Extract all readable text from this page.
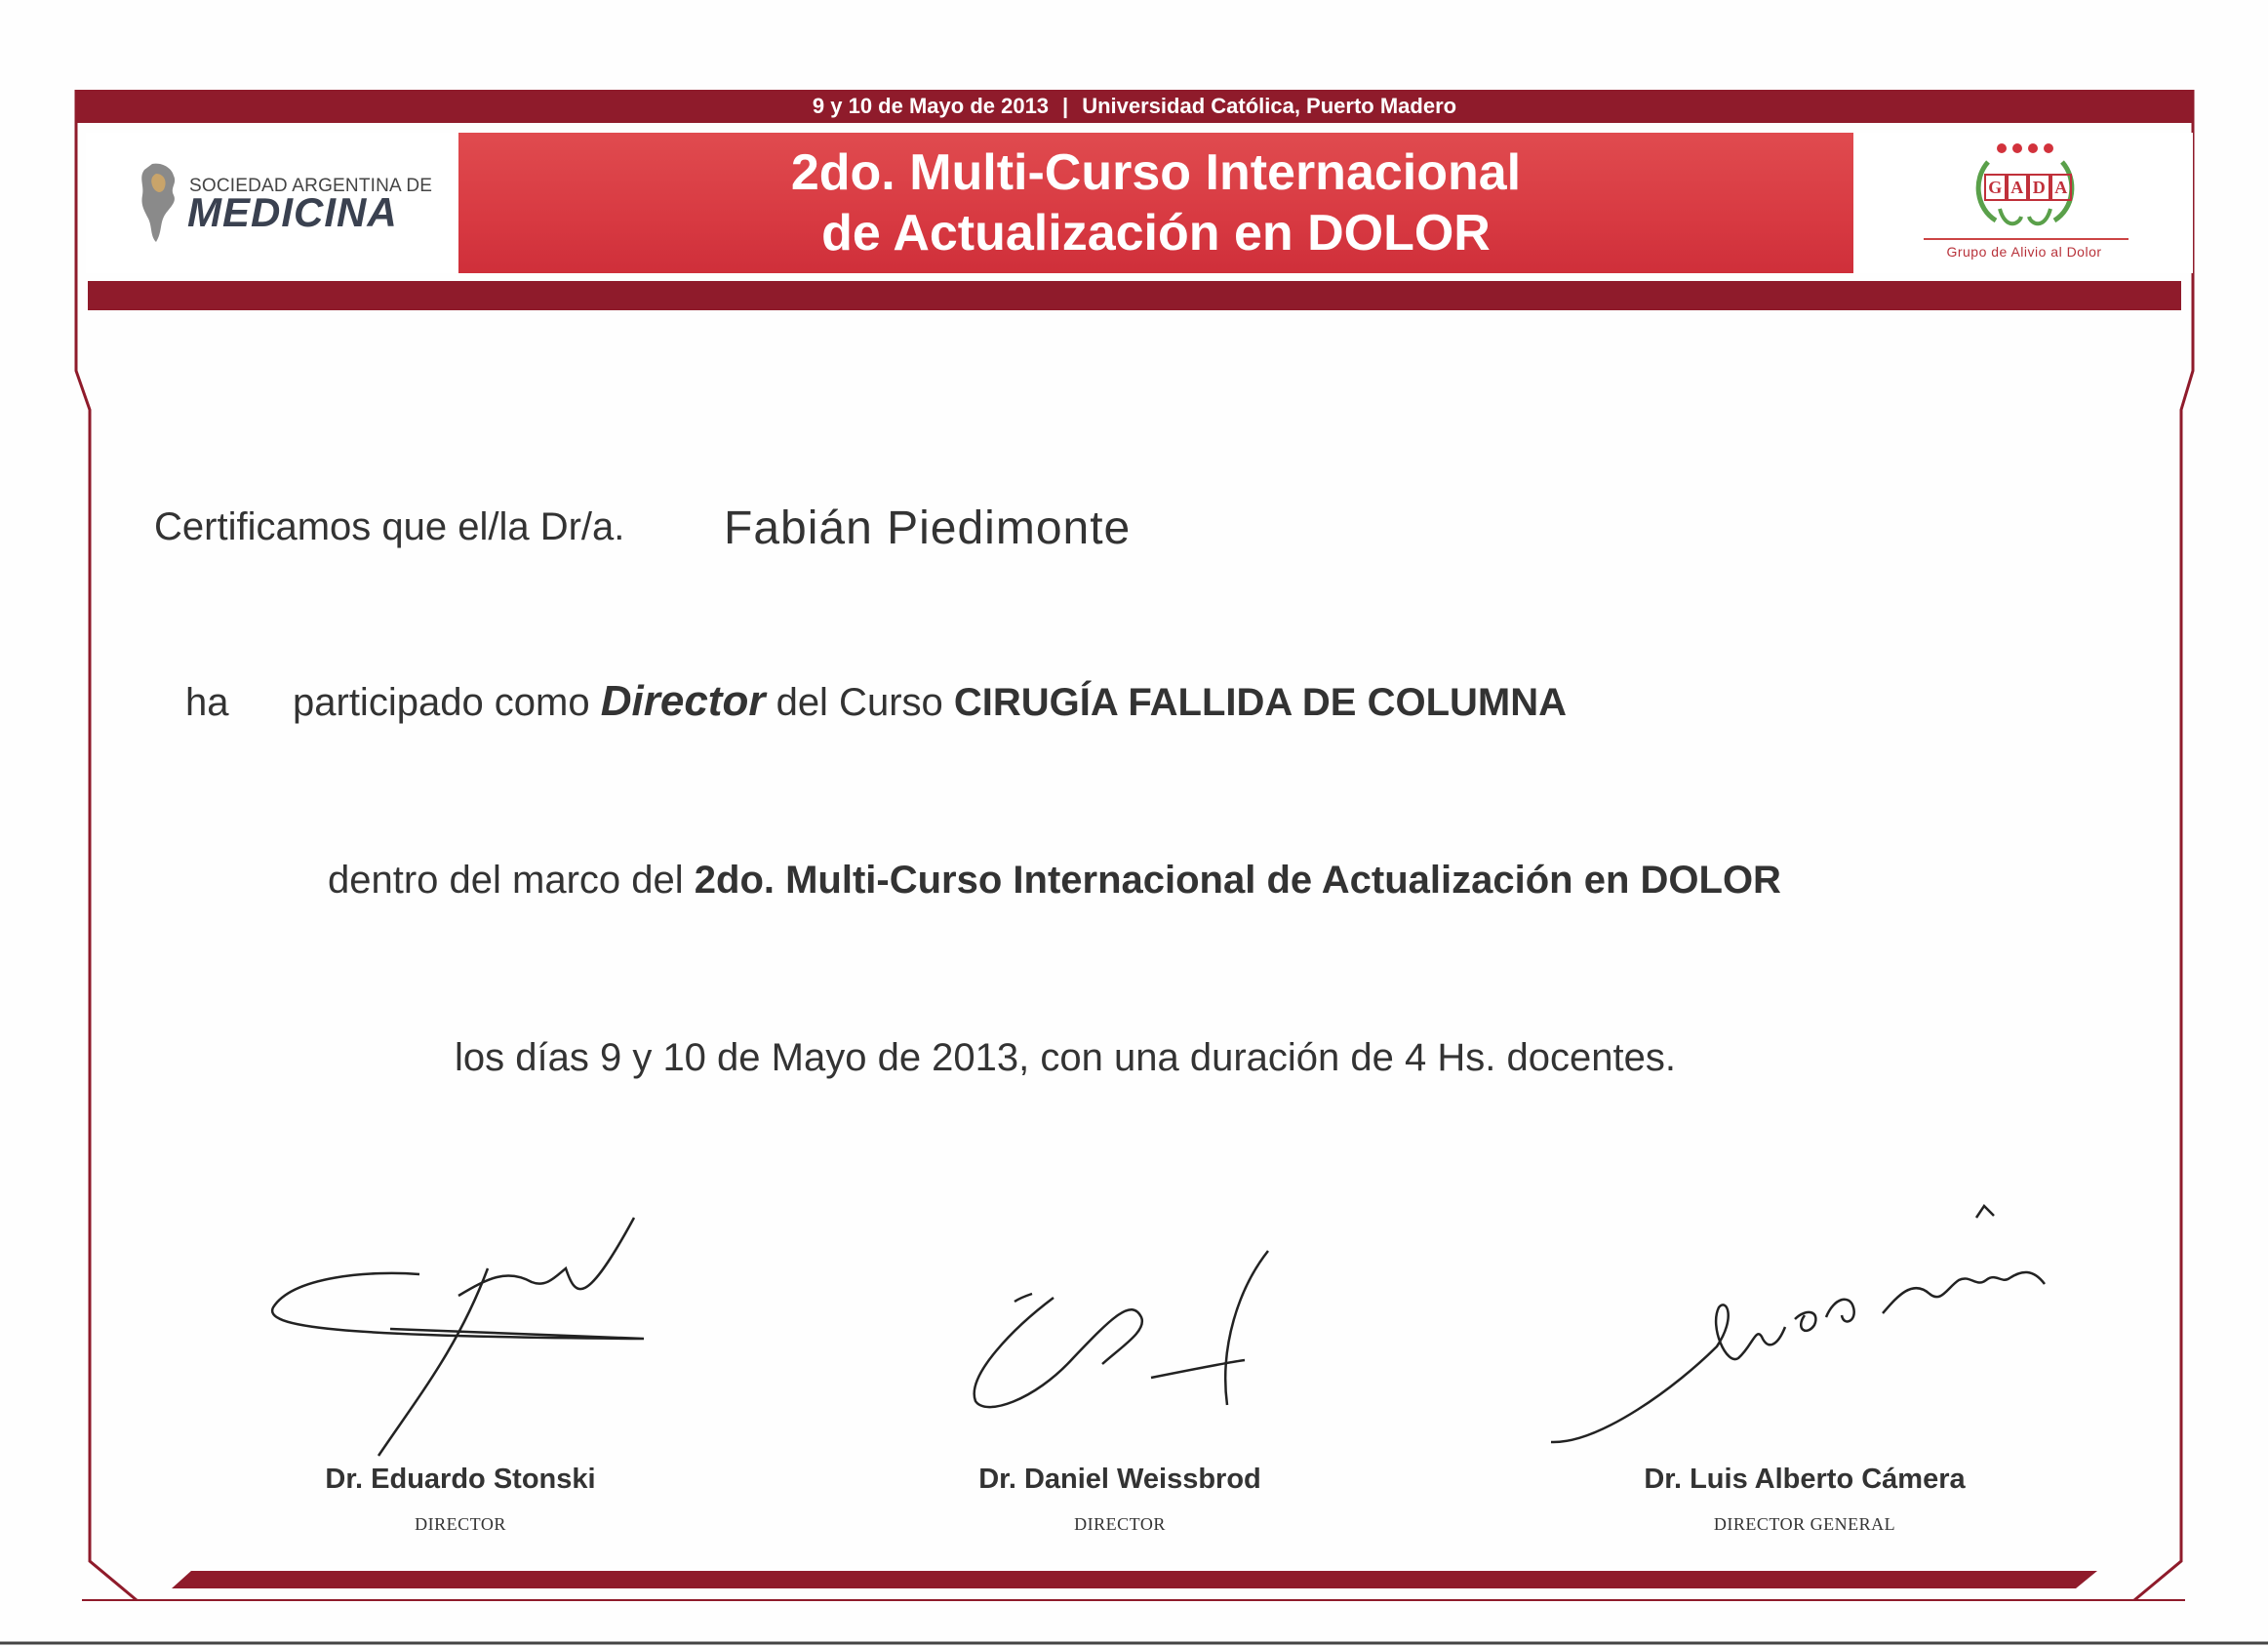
9 y 10 de Mayo de 2013 | Universidad Católica, Puerto Madero
SOCIEDAD ARGENTINA DE
MEDICINA
2do. Multi-Curso Internacional
de Actualización en DOLOR
G A D A
Grupo de Alivio al Dolor
Certificamos que el/la Dr/a. Fabián Piedimonte
ha participado como Director del Curso CIRUGÍA FALLIDA DE COLUMNA
dentro del marco del 2do. Multi-Curso Internacional de Actualización en DOLOR
los días 9 y 10 de Mayo de 2013, con una duración de 4 Hs. docentes.
Dr. Eduardo Stonski
DIRECTOR
Dr. Daniel Weissbrod
DIRECTOR
Dr. Luis Alberto Cámera
DIRECTOR GENERAL
